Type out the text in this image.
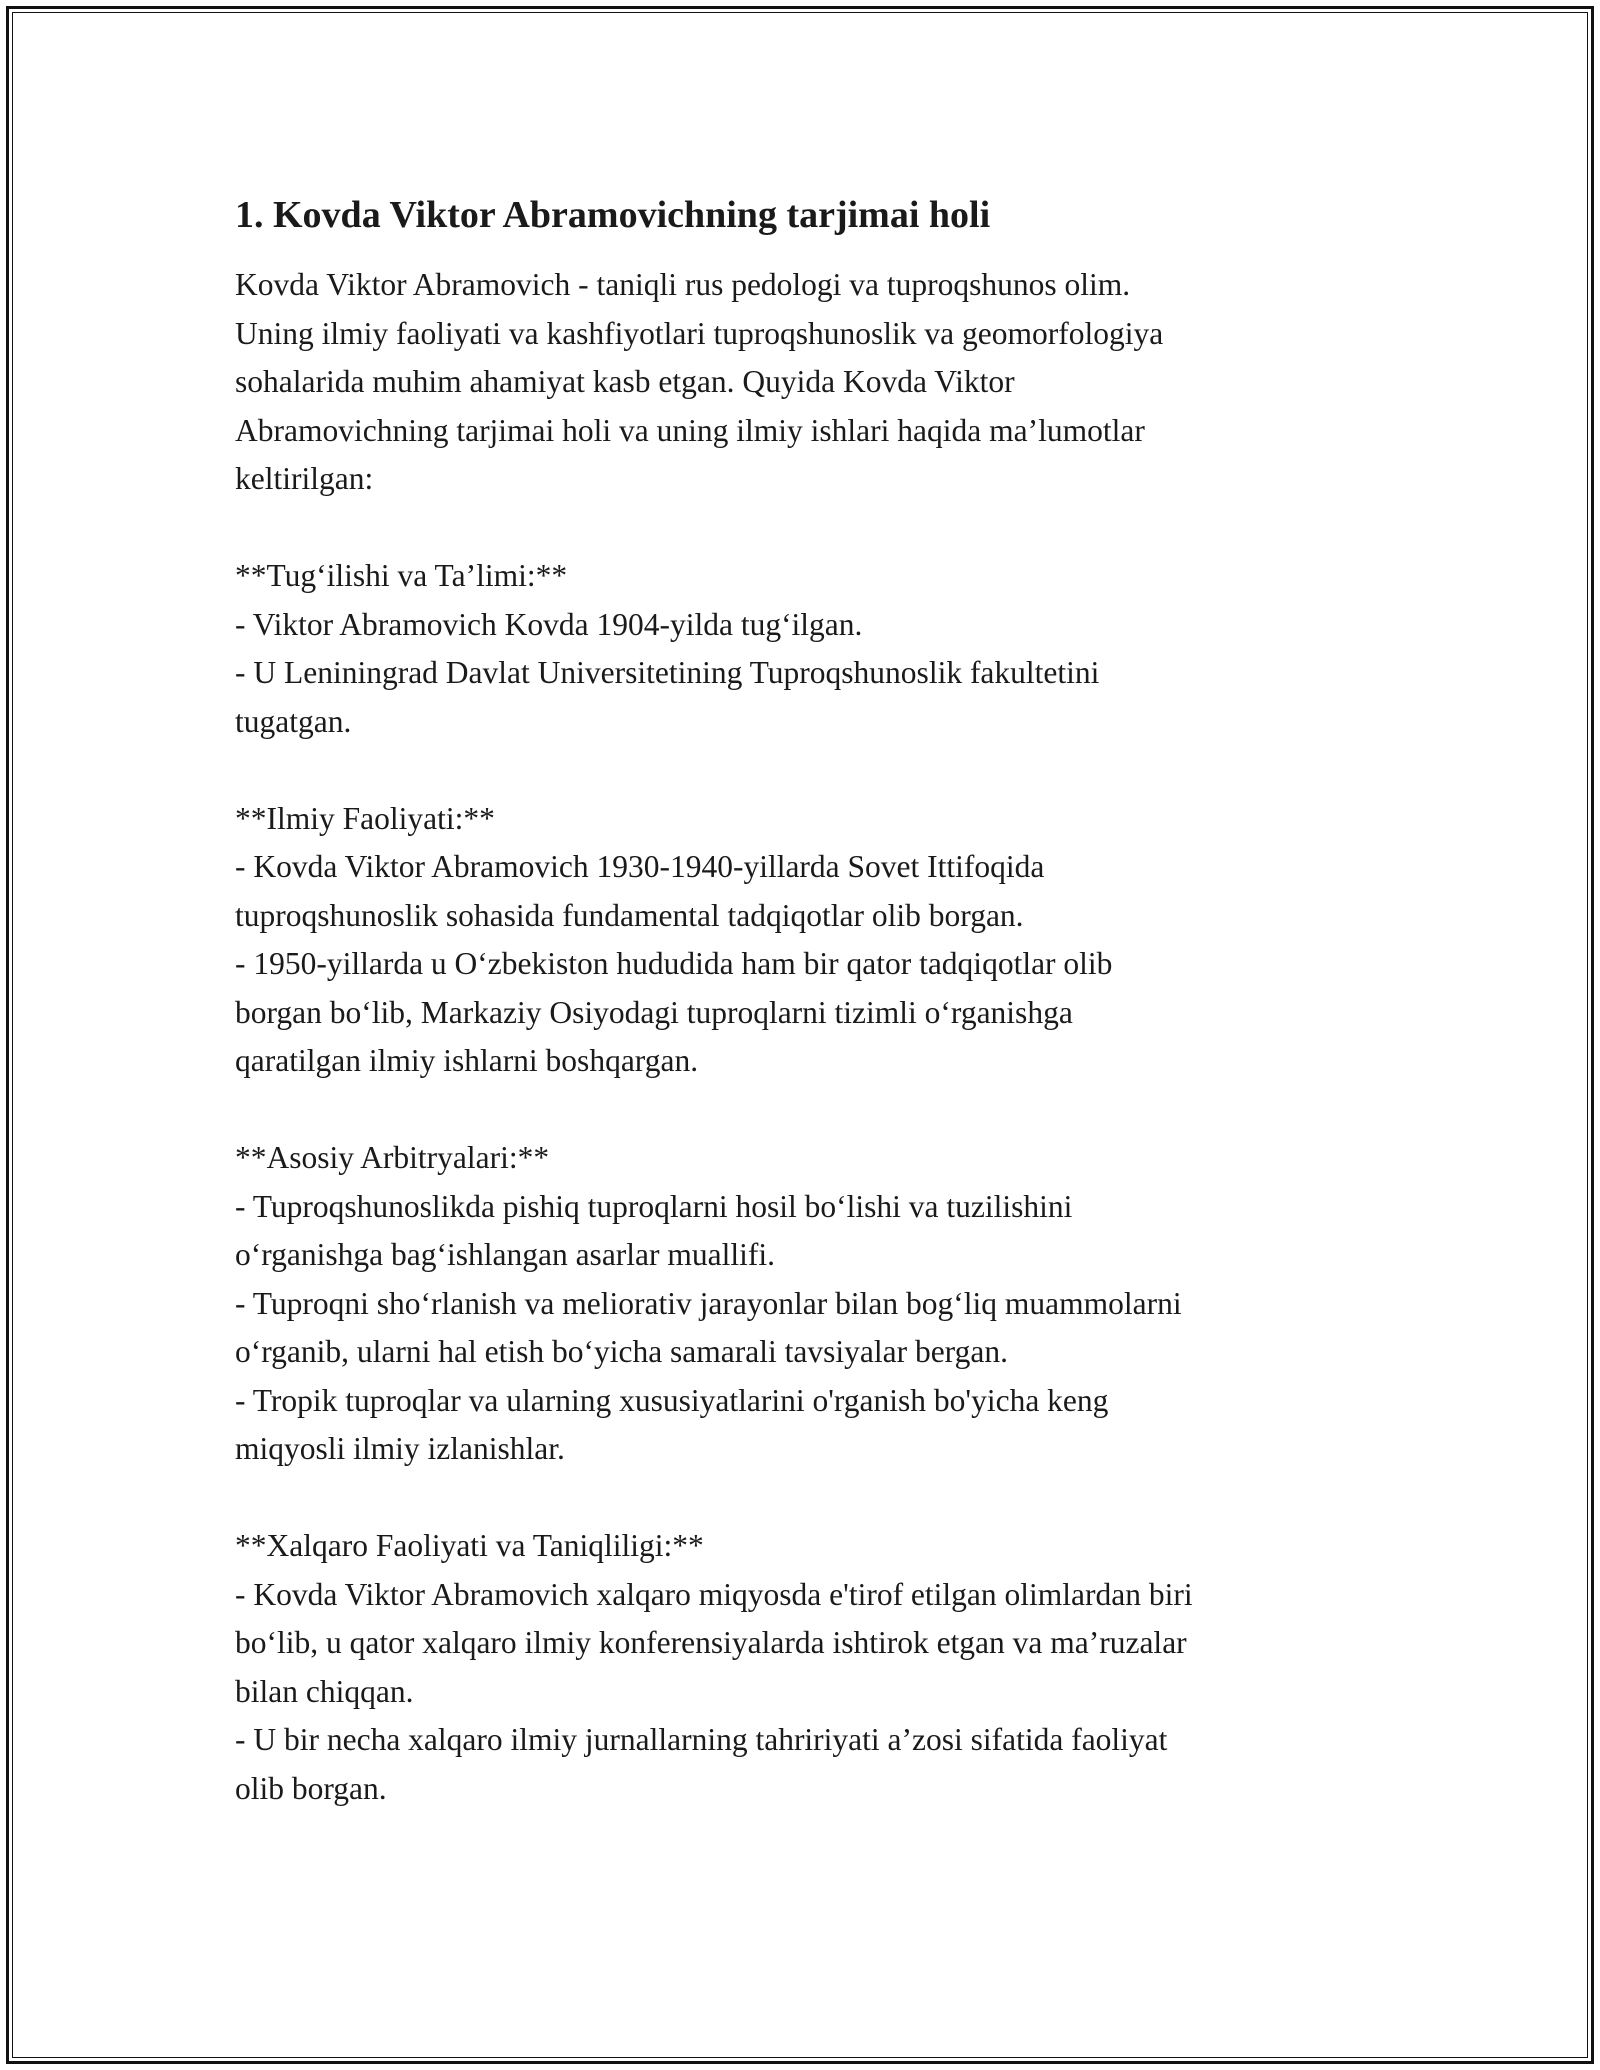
1. Kovda Viktor Abramovichning tarjimai holi
Kovda Viktor Abramovich - taniqli rus pedologi va tuproqshunos olim.
Uning ilmiy faoliyati va kashfiyotlari tuproqshunoslik va geomorfologiya
sohalarida muhim ahamiyat kasb etgan. Quyida Kovda Viktor
Abramovichning tarjimai holi va uning ilmiy ishlari haqida ma’lumotlar
keltirilgan:
**Tug‘ilishi va Ta’limi:**
- Viktor Abramovich Kovda 1904-yilda tug‘ilgan.
- U Leniningrad Davlat Universitetining Tuproqshunoslik fakultetini
tugatgan.
**Ilmiy Faoliyati:**
- Kovda Viktor Abramovich 1930-1940-yillarda Sovet Ittifoqida
tuproqshunoslik sohasida fundamental tadqiqotlar olib borgan.
- 1950-yillarda u O‘zbekiston hududida ham bir qator tadqiqotlar olib
borgan bo‘lib, Markaziy Osiyodagi tuproqlarni tizimli o‘rganishga
qaratilgan ilmiy ishlarni boshqargan.
**Asosiy Arbitryalari:**
- Tuproqshunoslikda pishiq tuproqlarni hosil bo‘lishi va tuzilishini
o‘rganishga bag‘ishlangan asarlar muallifi.
- Tuproqni sho‘rlanish va meliorativ jarayonlar bilan bog‘liq muammolarni
o‘rganib, ularni hal etish bo‘yicha samarali tavsiyalar bergan.
- Tropik tuproqlar va ularning xususiyatlarini o'rganish bo'yicha keng
miqyosli ilmiy izlanishlar.
**Xalqaro Faoliyati va Taniqliligi:**
- Kovda Viktor Abramovich xalqaro miqyosda e'tirof etilgan olimlardan biri
bo‘lib, u qator xalqaro ilmiy konferensiyalarda ishtirok etgan va ma’ruzalar
bilan chiqqan.
- U bir necha xalqaro ilmiy jurnallarning tahririyati a’zosi sifatida faoliyat
olib borgan.
